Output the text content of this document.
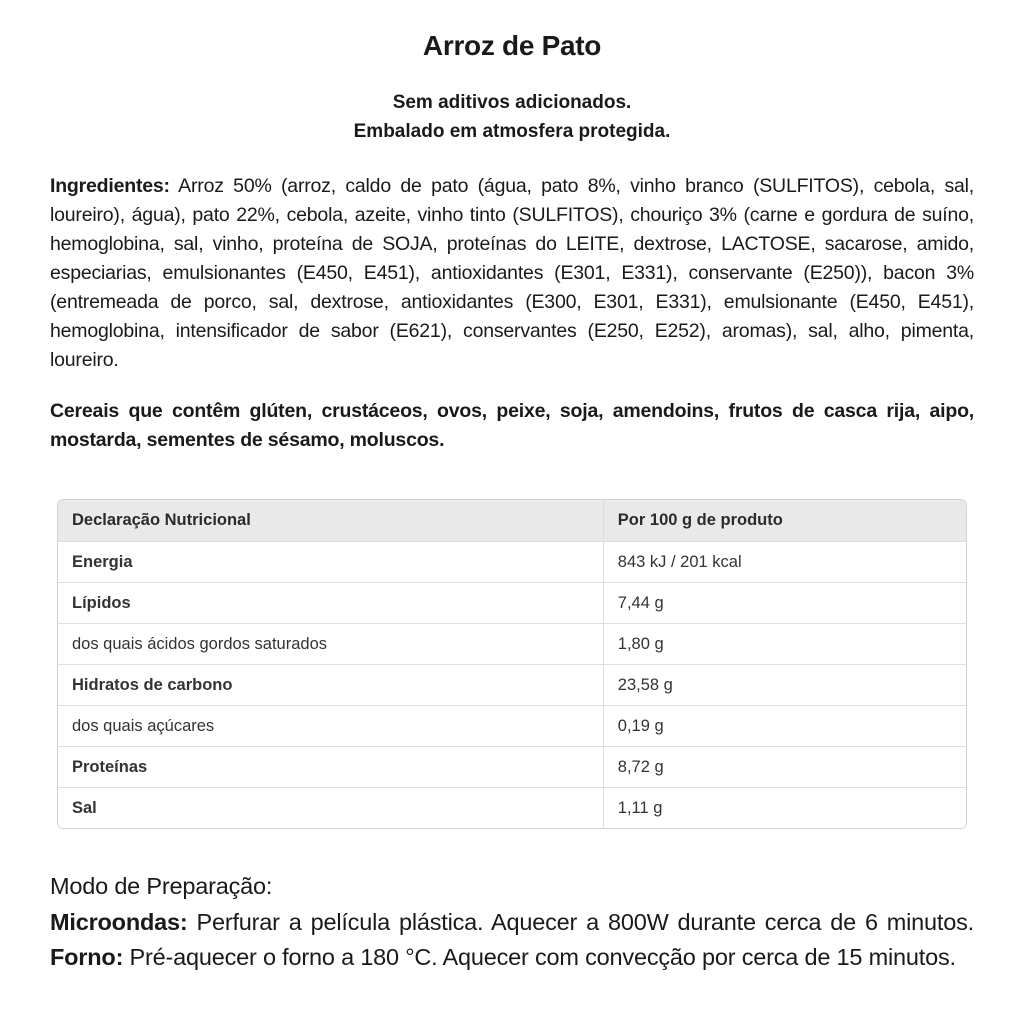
Arroz de Pato
Sem aditivos adicionados.
Embalado em atmosfera protegida.

Ingredientes: Arroz 50% (arroz, caldo de pato (água, pato 8%, vinho branco (SULFITOS), cebola, sal, loureiro), água), pato 22%, cebola, azeite, vinho tinto (SULFITOS), chouriço 3% (carne e gordura de suíno, hemoglobina, sal, vinho, proteína de SOJA, proteínas do LEITE, dextrose, LACTOSE, sacarose, amido, especiarias, emulsionantes (E450, E451), antioxidantes (E301, E331), conservante (E250)), bacon 3% (entremeada de porco, sal, dextrose, antioxidantes (E300, E301, E331), emulsionante (E450, E451), hemoglobina, intensificador de sabor (E621), conservantes (E250, E252), aromas), sal, alho, pimenta, loureiro.

Cereais que contêm glúten, crustáceos, ovos, peixe, soja, amendoins, frutos de casca rija, aipo, mostarda, sementes de sésamo, moluscos.

Declaração Nutricional	Por 100 g de produto
Energia	843 kJ / 201 kcal
Lípidos	7,44 g
dos quais ácidos gordos saturados	1,80 g
Hidratos de carbono	23,58 g
dos quais açúcares	0,19 g
Proteínas	8,72 g
Sal	1,11 g
Modo de Preparação:

Microondas: Perfurar a película plástica. Aquecer a 800W durante cerca de 6 minutos. Forno: Pré-aquecer o forno a 180 °C. Aquecer com convecção por cerca de 15 minutos.
